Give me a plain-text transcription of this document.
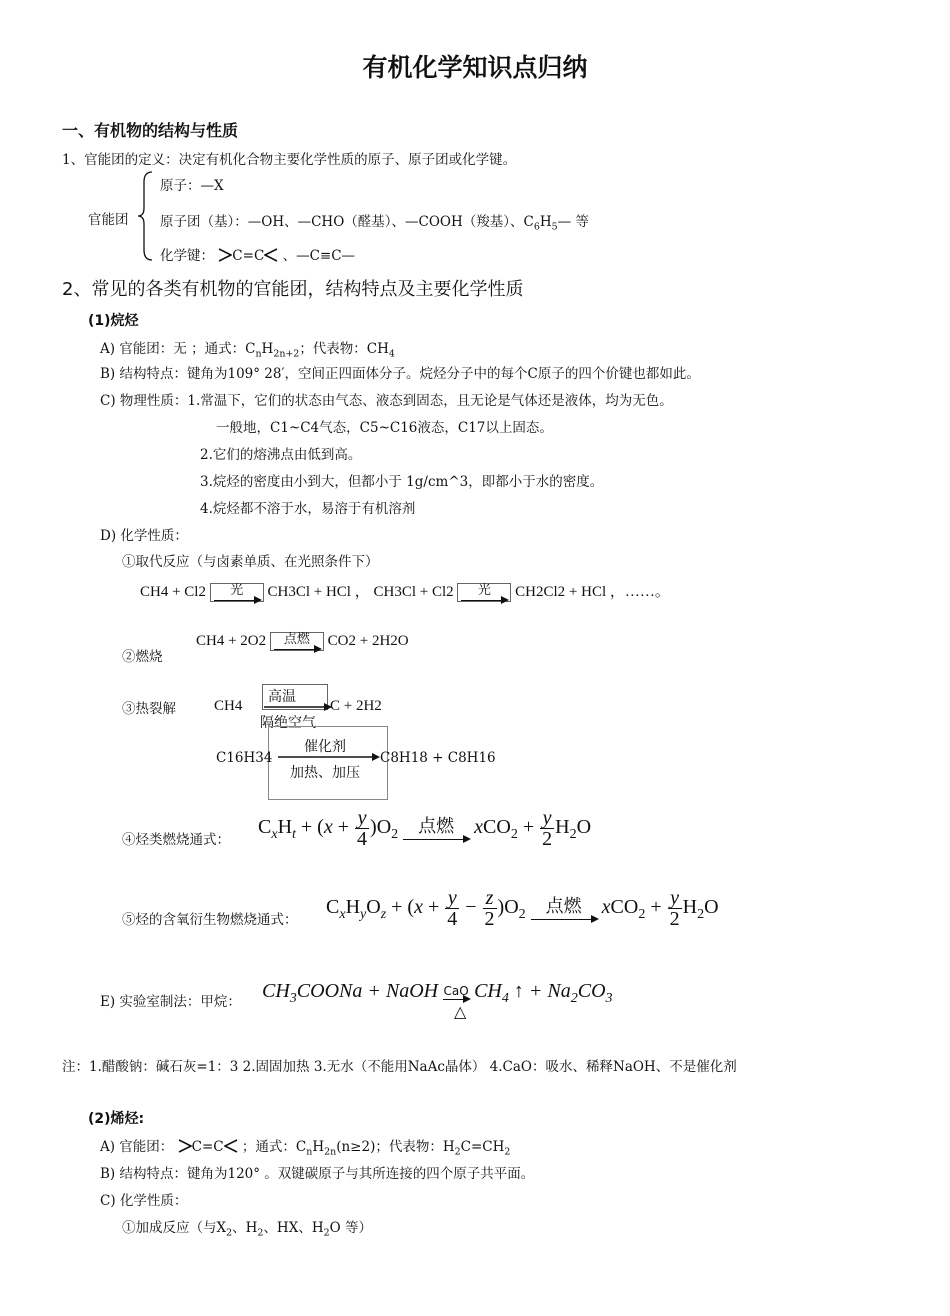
有机化学知识点归纳
一、有机物的结构与性质
1、官能团的定义：决定有机化合物主要化学性质的原子、原子团或化学键。
官能团
原子：—X
原子团（基）：—OH、—CHO（醛基）、—COOH（羧基）、$C_6H_5—$ 等
化学键： C=C 、—C≡C—
2、常见的各类有机物的官能团，结构特点及主要化学性质
(1)烷烃
A) 官能团：无 ；通式：$C_nH_{2n+2}$；代表物：$CH_4$
B) 结构特点：键角为109° 28′，空间正四面体分子。烷烃分子中的每个C原子的四个价键也都如此。
C) 物理性质：1.常温下，它们的状态由气态、液态到固态，且无论是气体还是液体，均为无色。
一般地，C1~C4气态，C5~C16液态，C17以上固态。
2.它们的熔沸点由低到高。
3.烷烃的密度由小到大，但都小于 1g/cm^3，即都小于水的密度。
4.烷烃都不溶于水，易溶于有机溶剂
D) 化学性质：
①取代反应（与卤素单质、在光照条件下）
CH4 + Cl2	光	CH3Cl + HCl ， CH3Cl + Cl2	光	CH2Cl2 + HCl ，……。
②燃烧
CH4 + 2O2	点燃	CO2 + 2H2O
③热裂解	CH4
高温
C + 2H2
隔绝空气
催化剂
加热、加压
C16H34	C8H18 + C8H16
④烃类燃烧通式：
$C_xH_t + (x + \frac{y}{4} )O_2$	点燃	$xCO_2 + \frac{y}{2} H_2O$
⑤烃的含氧衍生物燃烧通式：
$C_xH_yO_z + (x + \frac{y}{4} - \frac{z}{2} )O_2$	点燃	$xCO_2 + \frac{y}{2} H_2O$
E) 实验室制法：甲烷： $CH_3COONa$ + NaOH CaO $CH_4$ ↑ + $Na_2CO_3$
△
注：1.醋酸钠：碱石灰=1：3 2.固固加热 3.无水（不能用NaAc晶体） 4.CaO：吸水、稀释NaOH、不是催化剂
(2)烯烃:
A) 官能团： C=C ；通式：$C_nH_{2n}(n\ge 2)$；代表物：$H_2C=CH_2$
B) 结构特点：键角为120° 。双键碳原子与其所连接的四个原子共平面。
C) 化学性质：
①加成反应（与$X_2$、$H_2$、HX、$H_2O$ 等）
